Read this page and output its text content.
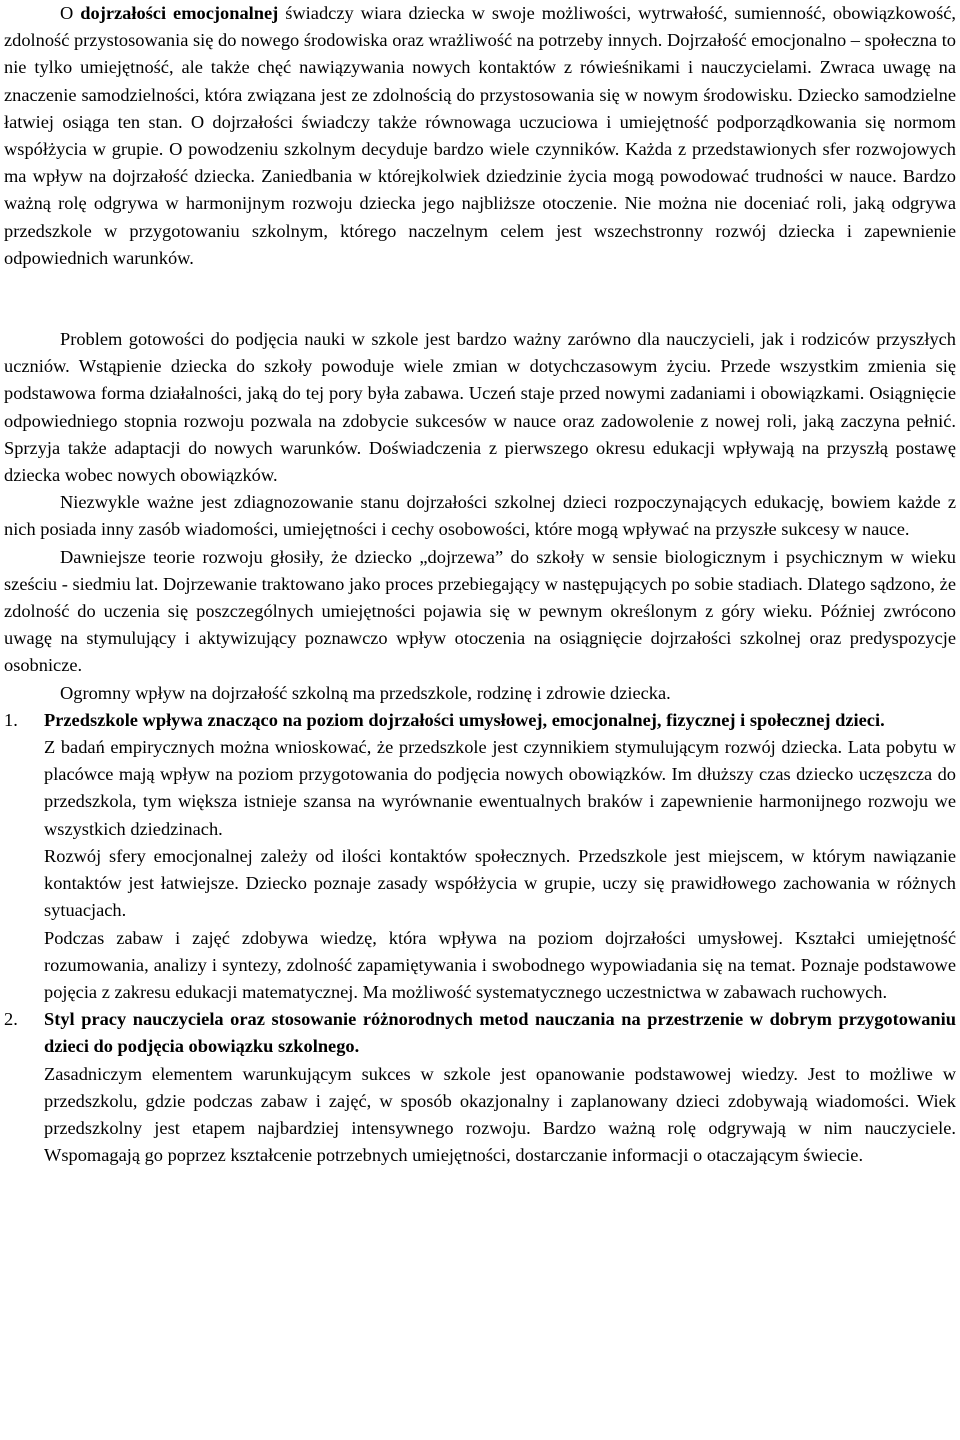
O dojrzałości emocjonalnej świadczy wiara dziecka w swoje możliwości, wytrwałość, sumienność, obowiązkowość, zdolność przystosowania się do nowego środowiska oraz wrażliwość na potrzeby innych. Dojrzałość emocjonalno – społeczna to nie tylko umiejętność, ale także chęć nawiązywania nowych kontaktów z rówieśnikami i nauczycielami. Zwraca uwagę na znaczenie samodzielności, która związana jest ze zdolnością do przystosowania się w nowym środowisku. Dziecko samodzielne łatwiej osiąga ten stan. O dojrzałości świadczy także równowaga uczuciowa i umiejętność podporządkowania się normom współżycia w grupie. O powodzeniu szkolnym decyduje bardzo wiele czynników. Każda z przedstawionych sfer rozwojowych ma wpływ na dojrzałość dziecka. Zaniedbania w którejkolwiek dziedzinie życia mogą powodować trudności w nauce. Bardzo ważną rolę odgrywa w harmonijnym rozwoju dziecka jego najbliższe otoczenie. Nie można nie doceniać roli, jaką odgrywa przedszkole w przygotowaniu szkolnym, którego naczelnym celem jest wszechstronny rozwój dziecka i zapewnienie odpowiednich warunków.

Problem gotowości do podjęcia nauki w szkole jest bardzo ważny zarówno dla nauczycieli, jak i rodziców przyszłych uczniów. Wstąpienie dziecka do szkoły powoduje wiele zmian w dotychczasowym życiu. Przede wszystkim zmienia się podstawowa forma działalności, jaką do tej pory była zabawa. Uczeń staje przed nowymi zadaniami i obowiązkami. Osiągnięcie odpowiedniego stopnia rozwoju pozwala na zdobycie sukcesów w nauce oraz zadowolenie z nowej roli, jaką zaczyna pełnić. Sprzyja także adaptacji do nowych warunków. Doświadczenia z pierwszego okresu edukacji wpływają na przyszłą postawę dziecka wobec nowych obowiązków.

Niezwykle ważne jest zdiagnozowanie stanu dojrzałości szkolnej dzieci rozpoczynających edukację, bowiem każde z nich posiada inny zasób wiadomości, umiejętności i cechy osobowości, które mogą wpływać na przyszłe sukcesy w nauce.

Dawniejsze teorie rozwoju głosiły, że dziecko „dojrzewa” do szkoły w sensie biologicznym i psychicznym w wieku sześciu - siedmiu lat. Dojrzewanie traktowano jako proces przebiegający w następujących po sobie stadiach. Dlatego sądzono, że zdolność do uczenia się poszczególnych umiejętności pojawia się w pewnym określonym z góry wieku. Później zwrócono uwagę na stymulujący i aktywizujący poznawczo wpływ otoczenia na osiągnięcie dojrzałości szkolnej oraz predyspozycje osobnicze.

Ogromny wpływ na dojrzałość szkolną ma przedszkole, rodzinę i zdrowie dziecka.

1. Przedszkole wpływa znacząco na poziom dojrzałości umysłowej, emocjonalnej, fizycznej i społecznej dzieci.

Z badań empirycznych można wnioskować, że przedszkole jest czynnikiem stymulującym rozwój dziecka. Lata pobytu w placówce mają wpływ na poziom przygotowania do podjęcia nowych obowiązków. Im dłuższy czas dziecko uczęszcza do przedszkola, tym większa istnieje szansa na wyrównanie ewentualnych braków i zapewnienie harmonijnego rozwoju we wszystkich dziedzinach.

Rozwój sfery emocjonalnej zależy od ilości kontaktów społecznych. Przedszkole jest miejscem, w którym nawiązanie kontaktów jest łatwiejsze. Dziecko poznaje zasady współżycia w grupie, uczy się prawidłowego zachowania w różnych sytuacjach.

Podczas zabaw i zajęć zdobywa wiedzę, która wpływa na poziom dojrzałości umysłowej. Kształci umiejętność rozumowania, analizy i syntezy, zdolność zapamiętywania i swobodnego wypowiadania się na temat. Poznaje podstawowe pojęcia z zakresu edukacji matematycznej. Ma możliwość systematycznego uczestnictwa w zabawach ruchowych.

2. Styl pracy nauczyciela oraz stosowanie różnorodnych metod nauczania na przestrzenie w dobrym przygotowaniu dzieci do podjęcia obowiązku szkolnego.

Zasadniczym elementem warunkującym sukces w szkole jest opanowanie podstawowej wiedzy. Jest to możliwe w przedszkolu, gdzie podczas zabaw i zajęć, w sposób okazjonalny i zaplanowany dzieci zdobywają wiadomości. Wiek przedszkolny jest etapem najbardziej intensywnego rozwoju. Bardzo ważną rolę odgrywają w nim nauczyciele. Wspomagają go poprzez kształcenie potrzebnych umiejętności, dostarczanie informacji o otaczającym świecie.
